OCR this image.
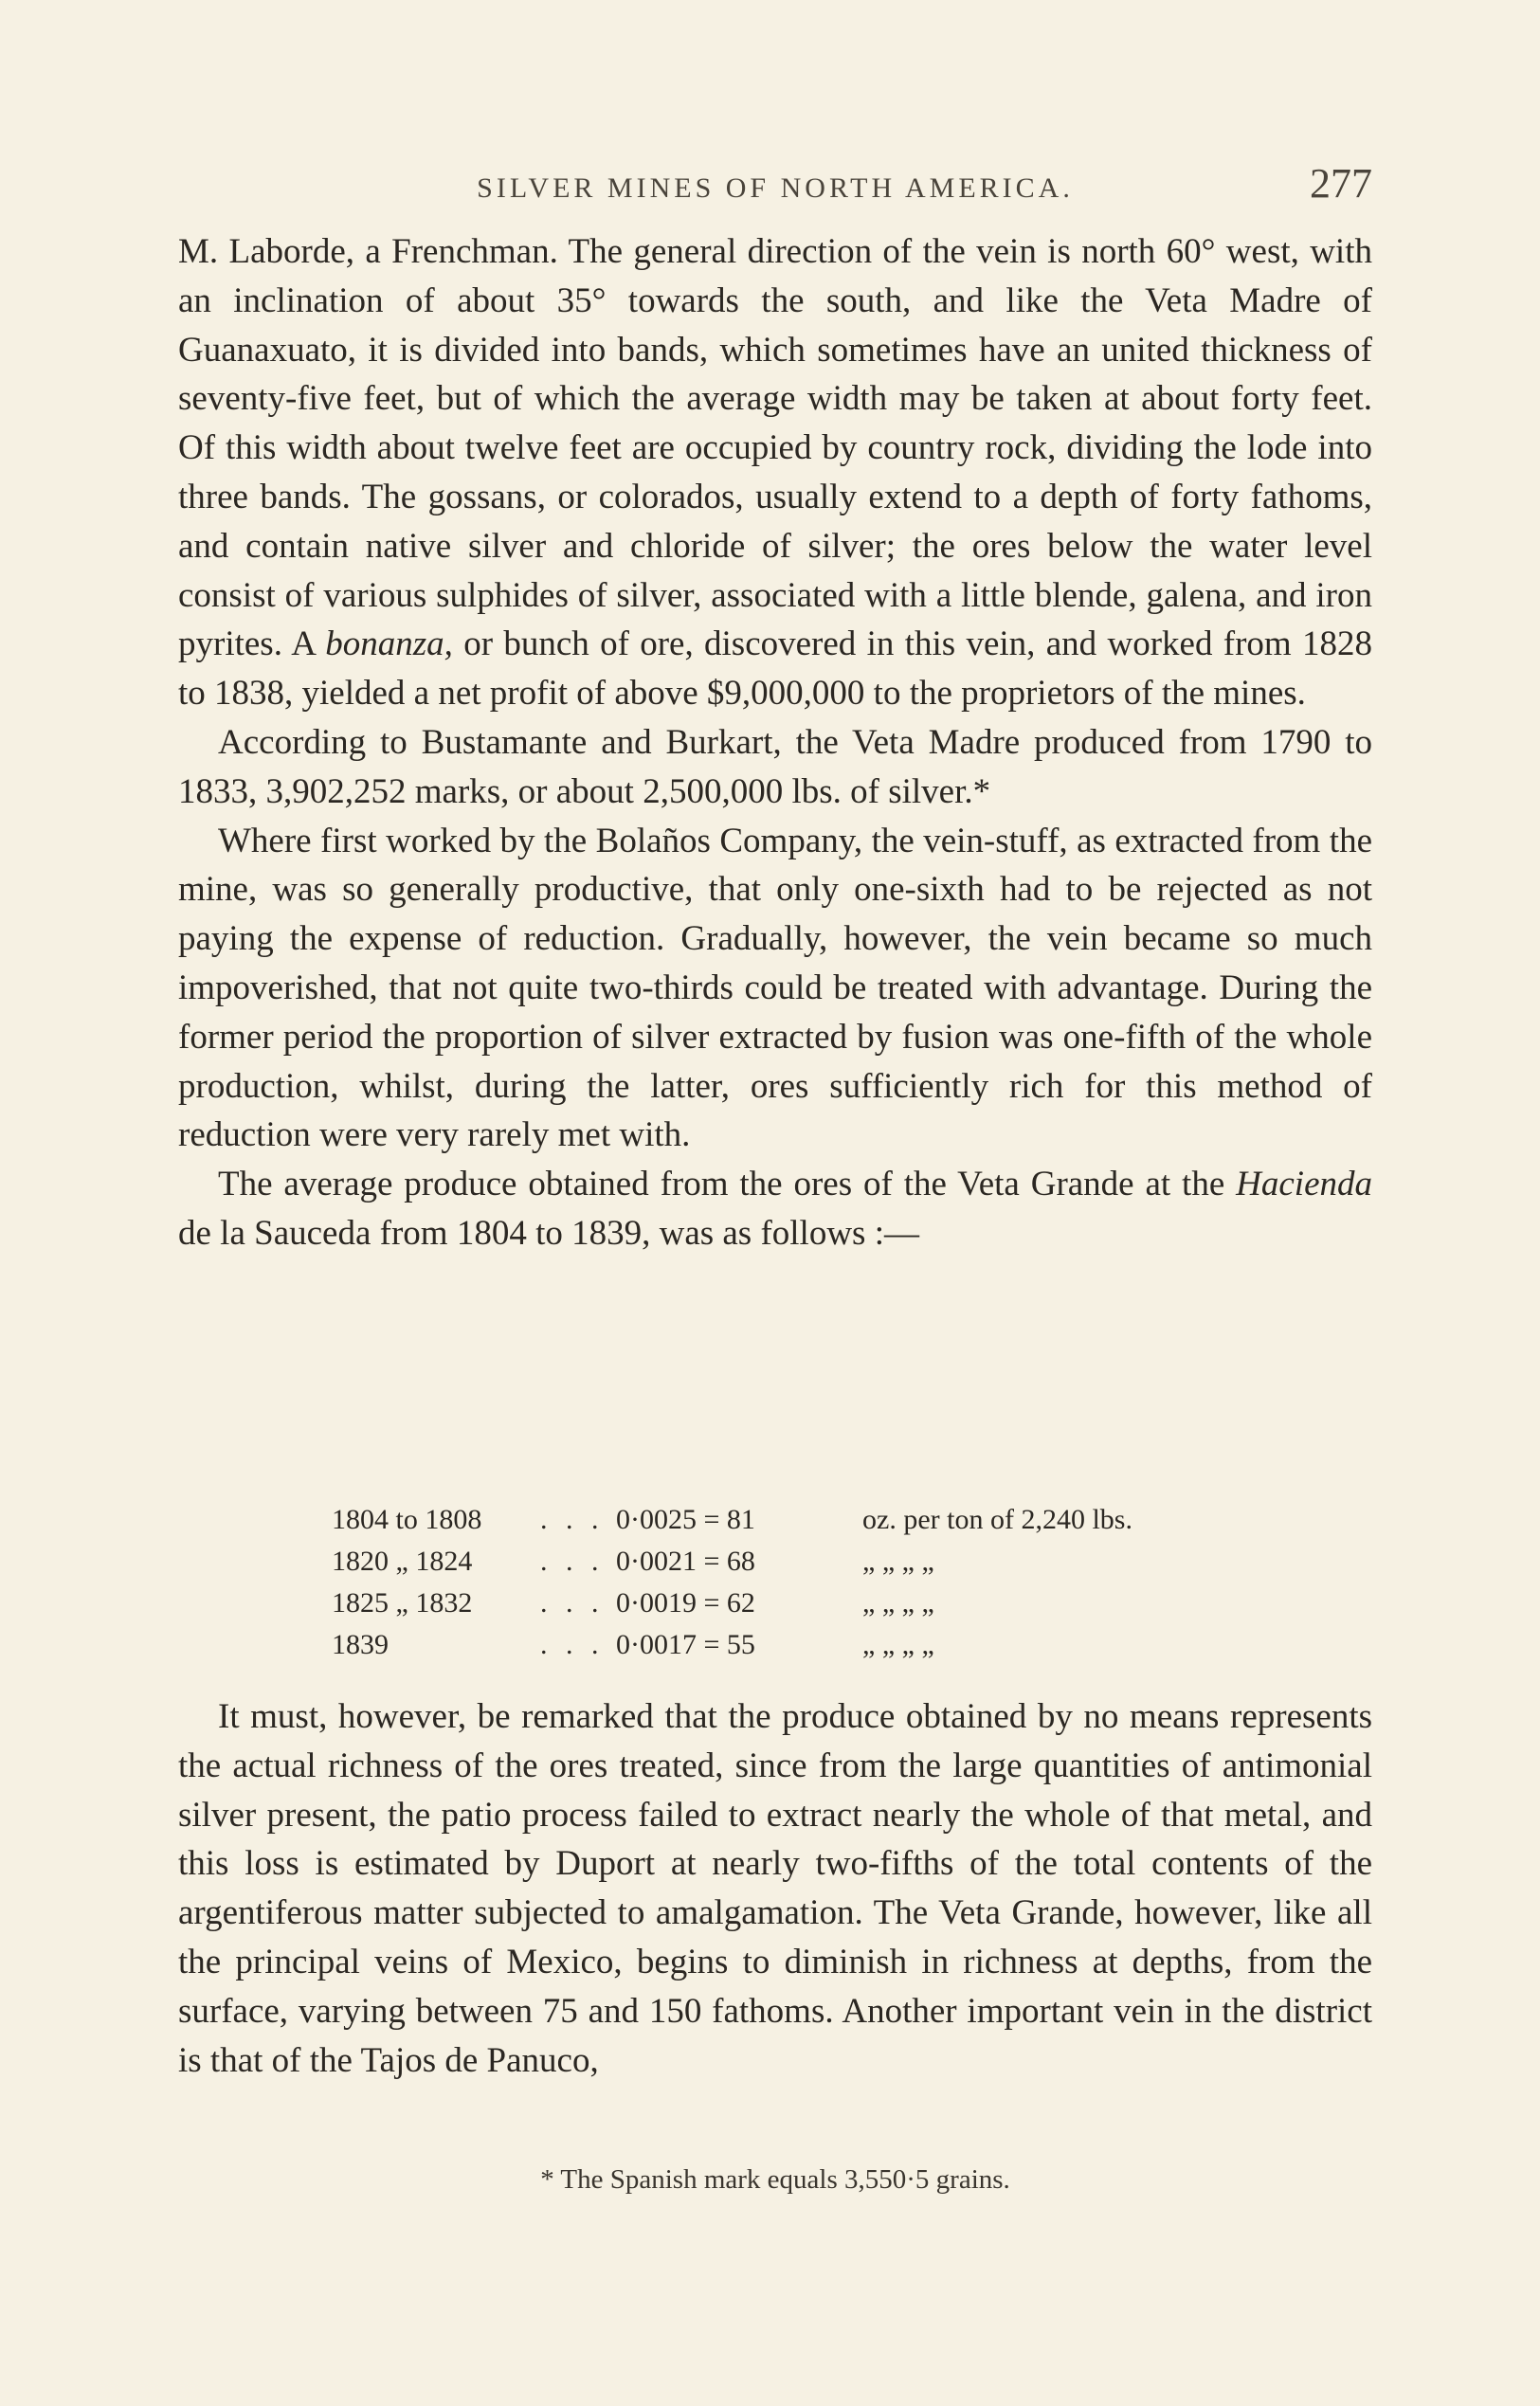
SILVER MINES OF NORTH AMERICA.	277

M. Laborde, a Frenchman. The general direction of the vein is north 60° west, with an inclination of about 35° towards the south, and like the Veta Madre of Guanaxuato, it is divided into bands, which sometimes have an united thickness of seventy-five feet, but of which the average width may be taken at about forty feet. Of this width about twelve feet are occupied by country rock, dividing the lode into three bands. The gossans, or colorados, usually extend to a depth of forty fathoms, and contain native silver and chloride of silver; the ores below the water level consist of various sulphides of silver, associated with a little blende, galena, and iron pyrites. A bonanza, or bunch of ore, discovered in this vein, and worked from 1828 to 1838, yielded a net profit of above $9,000,000 to the proprietors of the mines.

According to Bustamante and Burkart, the Veta Madre produced from 1790 to 1833, 3,902,252 marks, or about 2,500,000 lbs. of silver.*

Where first worked by the Bolaños Company, the vein-stuff, as extracted from the mine, was so generally productive, that only one-sixth had to be rejected as not paying the expense of reduction. Gradually, however, the vein became so much impoverished, that not quite two-thirds could be treated with advantage. During the former period the proportion of silver extracted by fusion was one-fifth of the whole production, whilst, during the latter, ores sufficiently rich for this method of reduction were very rarely met with.

The average produce obtained from the ores of the Veta Grande at the Hacienda de la Sauceda from 1804 to 1839, was as follows :—

1804 to 1808	. . .	0·0025 = 81	oz. per ton of 2,240 lbs.
1820 „ 1824	. . .	0·0021 = 68	„ „ „ „
1825 „ 1832	. . .	0·0019 = 62	„ „ „ „
1839	. . .	0·0017 = 55	„ „ „ „

It must, however, be remarked that the produce obtained by no means represents the actual richness of the ores treated, since from the large quantities of antimonial silver present, the patio process failed to extract nearly the whole of that metal, and this loss is estimated by Duport at nearly two-fifths of the total contents of the argentiferous matter subjected to amalgamation. The Veta Grande, however, like all the principal veins of Mexico, begins to diminish in richness at depths, from the surface, varying between 75 and 150 fathoms. Another important vein in the district is that of the Tajos de Panuco,

* The Spanish mark equals 3,550·5 grains.
